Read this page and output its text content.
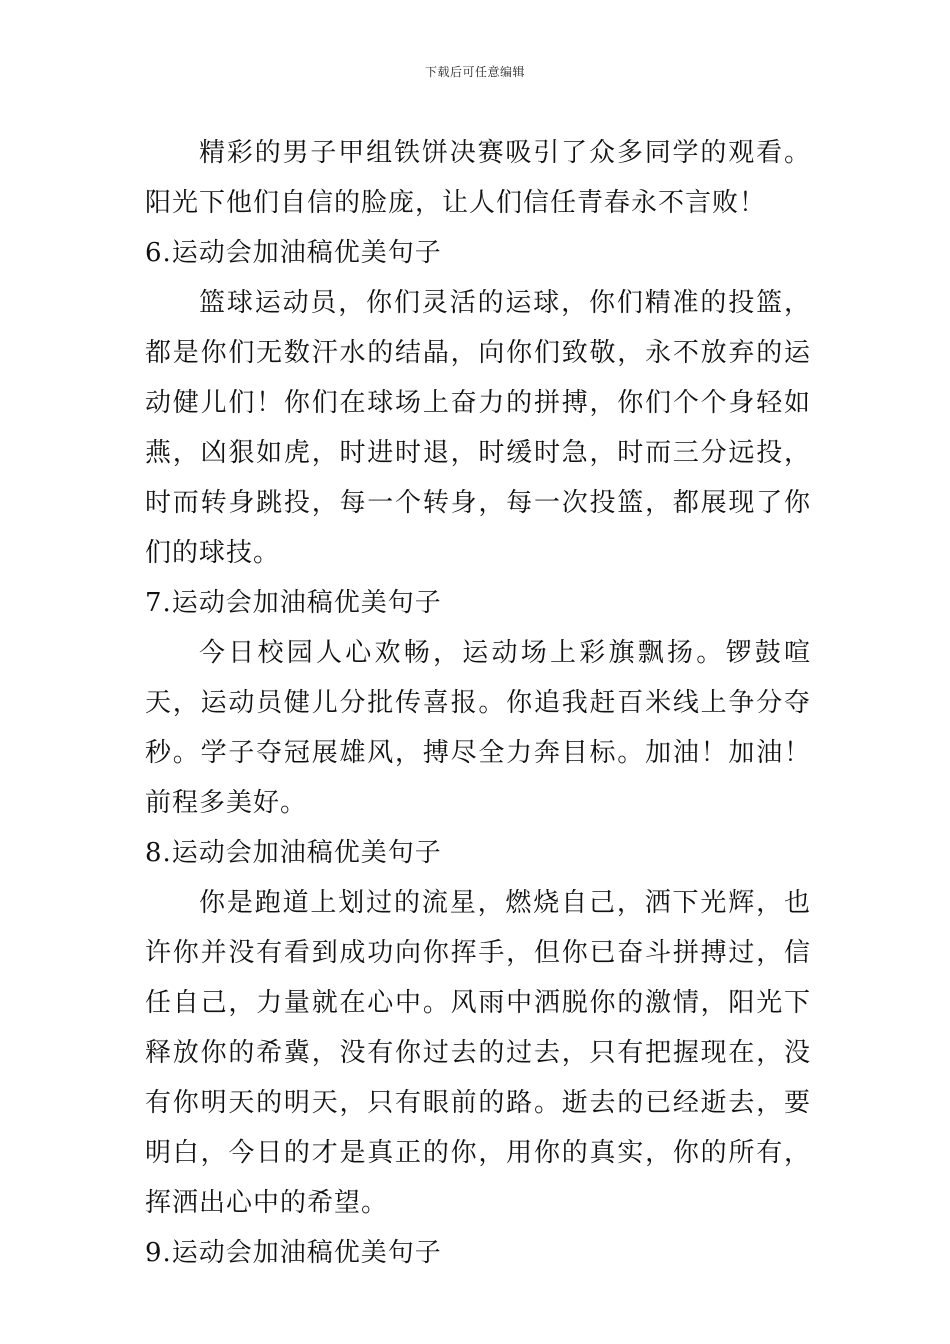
下载后可任意编辑

精彩的男子甲组铁饼决赛吸引了众多同学的观看。阳光下他们自信的脸庞，让人们信任青春永不言败！

6.运动会加油稿优美句子

篮球运动员，你们灵活的运球，你们精准的投篮，都是你们无数汗水的结晶，向你们致敬，永不放弃的运动健儿们！你们在球场上奋力的拼搏，你们个个身轻如燕，凶狠如虎，时进时退，时缓时急，时而三分远投，时而转身跳投，每一个转身，每一次投篮，都展现了你们的球技。

7.运动会加油稿优美句子

今日校园人心欢畅，运动场上彩旗飘扬。锣鼓喧天，运动员健儿分批传喜报。你追我赶百米线上争分夺秒。学子夺冠展雄风，搏尽全力奔目标。加油！加油！前程多美好。

8.运动会加油稿优美句子

你是跑道上划过的流星，燃烧自己，洒下光辉，也许你并没有看到成功向你挥手，但你已奋斗拼搏过，信任自己，力量就在心中。风雨中洒脱你的激情，阳光下释放你的希冀，没有你过去的过去，只有把握现在，没有你明天的明天，只有眼前的路。逝去的已经逝去，要明白，今日的才是真正的你，用你的真实，你的所有，挥洒出心中的希望。

9.运动会加油稿优美句子
